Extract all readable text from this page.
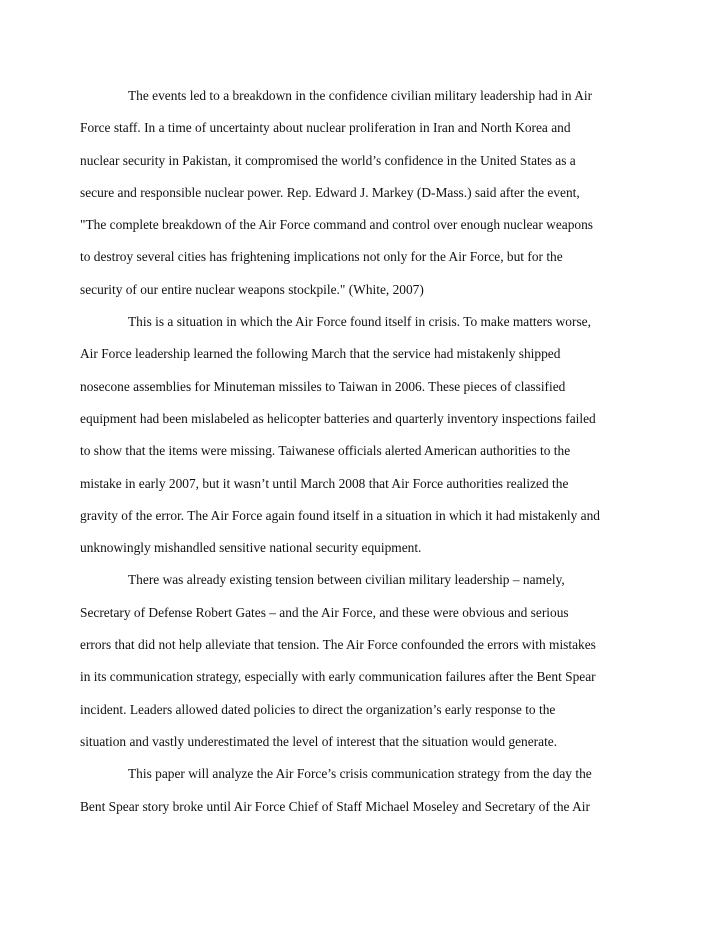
The events led to a breakdown in the confidence civilian military leadership had in Air
Force staff. In a time of uncertainty about nuclear proliferation in Iran and North Korea and
nuclear security in Pakistan, it compromised the world’s confidence in the United States as a
secure and responsible nuclear power. Rep. Edward J. Markey (D-Mass.) said after the event,
"The complete breakdown of the Air Force command and control over enough nuclear weapons
to destroy several cities has frightening implications not only for the Air Force, but for the
security of our entire nuclear weapons stockpile." (White, 2007)
This is a situation in which the Air Force found itself in crisis. To make matters worse,
Air Force leadership learned the following March that the service had mistakenly shipped
nosecone assemblies for Minuteman missiles to Taiwan in 2006. These pieces of classified
equipment had been mislabeled as helicopter batteries and quarterly inventory inspections failed
to show that the items were missing. Taiwanese officials alerted American authorities to the
mistake in early 2007, but it wasn’t until March 2008 that Air Force authorities realized the
gravity of the error. The Air Force again found itself in a situation in which it had mistakenly and
unknowingly mishandled sensitive national security equipment.
There was already existing tension between civilian military leadership – namely,
Secretary of Defense Robert Gates – and the Air Force, and these were obvious and serious
errors that did not help alleviate that tension. The Air Force confounded the errors with mistakes
in its communication strategy, especially with early communication failures after the Bent Spear
incident. Leaders allowed dated policies to direct the organization’s early response to the
situation and vastly underestimated the level of interest that the situation would generate.
This paper will analyze the Air Force’s crisis communication strategy from the day the
Bent Spear story broke until Air Force Chief of Staff Michael Moseley and Secretary of the Air
